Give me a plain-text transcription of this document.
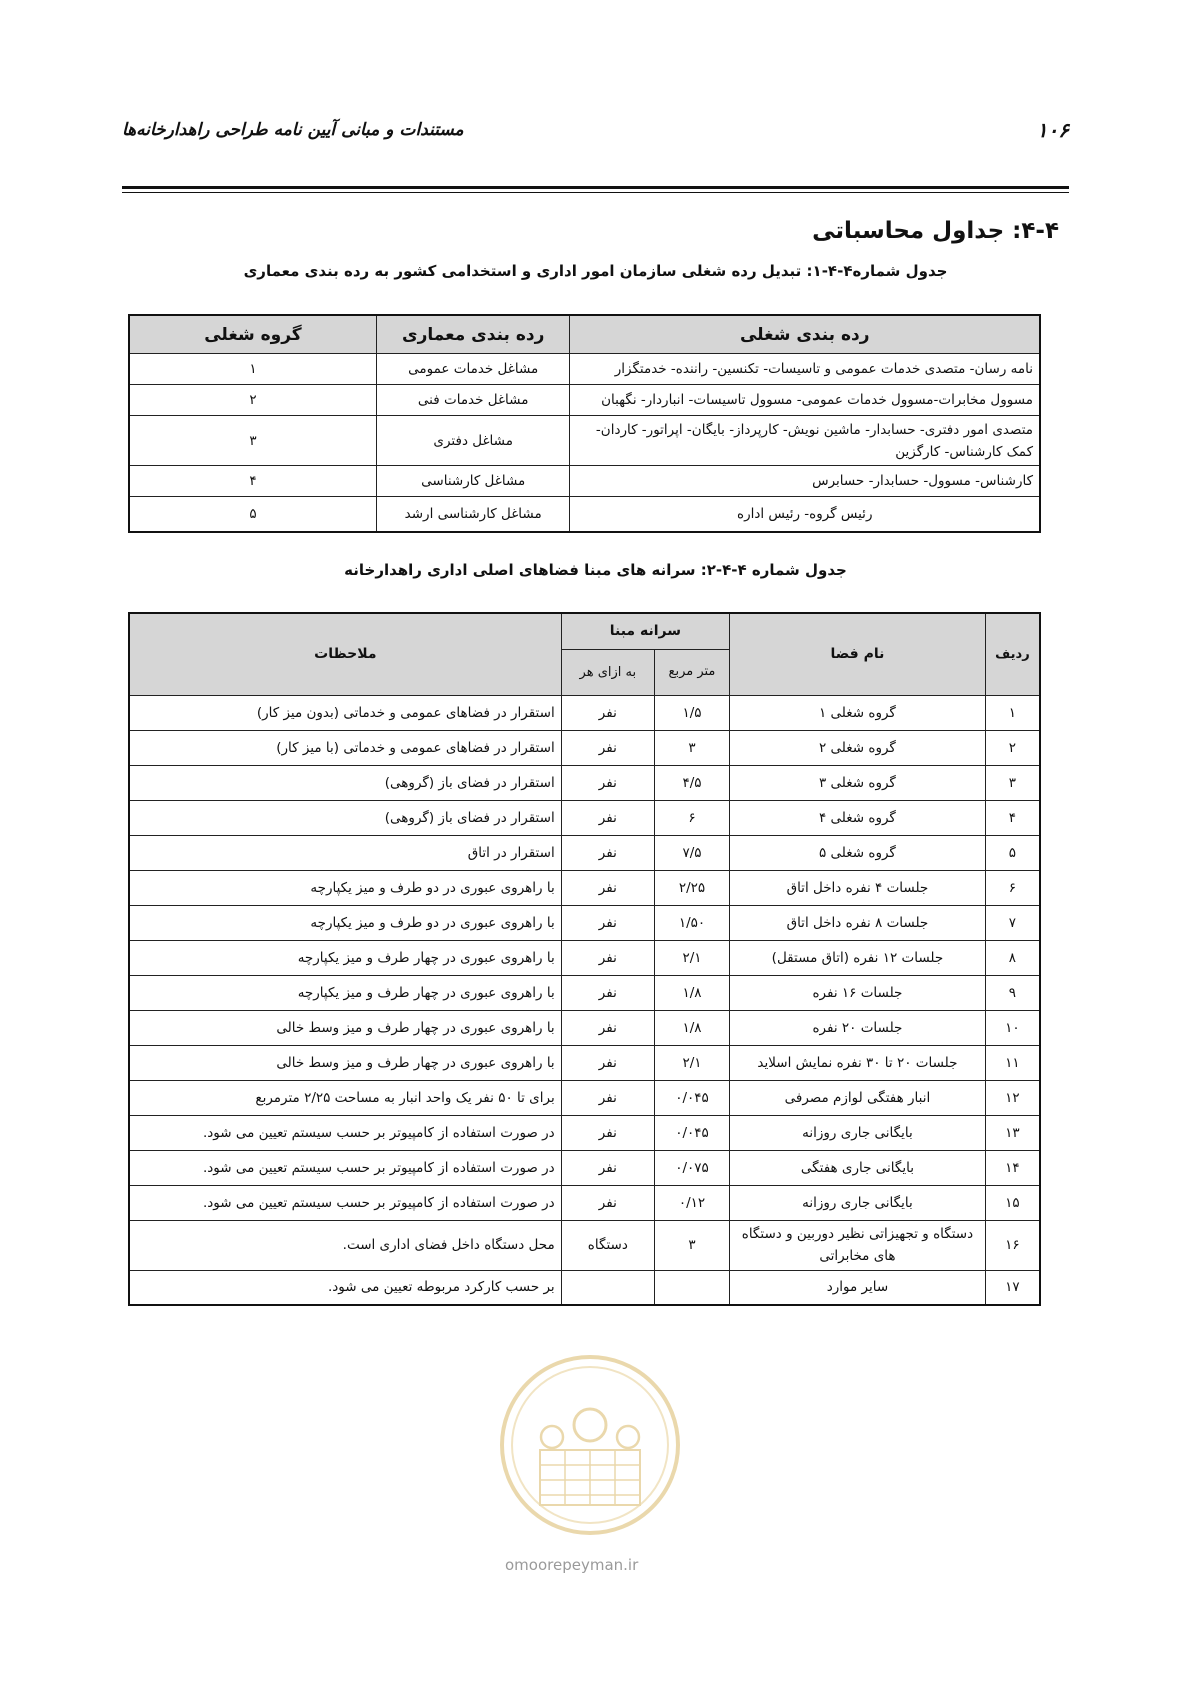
۱۰۶
مستندات و مبانی آیین نامه طراحی راهدارخانه‌ها
۴-۴: جداول محاسباتی
جدول شماره۴-۴-۱: تبدیل رده شغلی سازمان امور اداری و استخدامی کشور به رده بندی معماری
رده بندی شغلی	رده بندی معماری	گروه شغلی
نامه رسان- متصدی خدمات عمومی و تاسیسات- تکنسین- راننده- خدمتگزار	مشاغل خدمات عمومی	۱
مسوول مخابرات-مسوول خدمات عمومی- مسوول تاسیسات- انباردار- نگهبان	مشاغل خدمات فنی	۲
متصدی امور دفتری- حسابدار- ماشین نویش- کارپرداز- بایگان- اپراتور- کاردان- کمک کارشناس- کارگزین	مشاغل دفتری	۳
کارشناس- مسوول- حسابدار- حسابرس	مشاغل کارشناسی	۴
رئیس گروه- رئیس اداره	مشاغل کارشناسی ارشد	۵
جدول شماره ۴-۴-۲: سرانه های مبنا فضاهای اصلی اداری راهدارخانه
ردیف	نام فضا	سرانه مبنا		ملاحظات
		متر مربع	به ازای هر	
۱	گروه شغلی ۱	۱/۵	نفر	استقرار در فضاهای عمومی و خدماتی (بدون میز کار)
۲	گروه شغلی ۲	۳	نفر	استقرار در فضاهای عمومی و خدماتی (با میز کار)
۳	گروه شغلی ۳	۴/۵	نفر	استقرار در فضای باز (گروهی)
۴	گروه شغلی ۴	۶	نفر	استقرار در فضای باز (گروهی)
۵	گروه شغلی ۵	۷/۵	نفر	استقرار در اتاق
۶	جلسات ۴ نفره داخل اتاق	۲/۲۵	نفر	با راهروی عبوری در دو طرف و میز یکپارچه
۷	جلسات ۸ نفره داخل اتاق	۱/۵۰	نفر	با راهروی عبوری در دو طرف و میز یکپارچه
۸	جلسات ۱۲ نفره (اتاق مستقل)	۲/۱	نفر	با راهروی عبوری در چهار طرف و میز یکپارچه
۹	جلسات ۱۶ نفره	۱/۸	نفر	با راهروی عبوری در چهار طرف و میز یکپارچه
۱۰	جلسات ۲۰ نفره	۱/۸	نفر	با راهروی عبوری در چهار طرف و میز وسط خالی
۱۱	جلسات ۲۰ تا ۳۰ نفره نمایش اسلاید	۲/۱	نفر	با راهروی عبوری در چهار طرف و میز وسط خالی
۱۲	انبار هفتگی لوازم مصرفی	۰/۰۴۵	نفر	برای تا ۵۰ نفر یک واحد انبار به مساحت ۲/۲۵ مترمربع
۱۳	بایگانی جاری روزانه	۰/۰۴۵	نفر	در صورت استفاده از کامپیوتر بر حسب سیستم تعیین می شود.
۱۴	بایگانی جاری هفتگی	۰/۰۷۵	نفر	در صورت استفاده از کامپیوتر بر حسب سیستم تعیین می شود.
۱۵	بایگانی جاری روزانه	۰/۱۲	نفر	در صورت استفاده از کامپیوتر بر حسب سیستم تعیین می شود.
۱۶	دستگاه و تجهیزاتی نظیر دوربین و دستگاه های مخابراتی	۳	دستگاه	محل دستگاه داخل فضای اداری است.
۱۷	سایر موارد			بر حسب کارکرد مربوطه تعیین می شود.
omoorepeyman.ir
